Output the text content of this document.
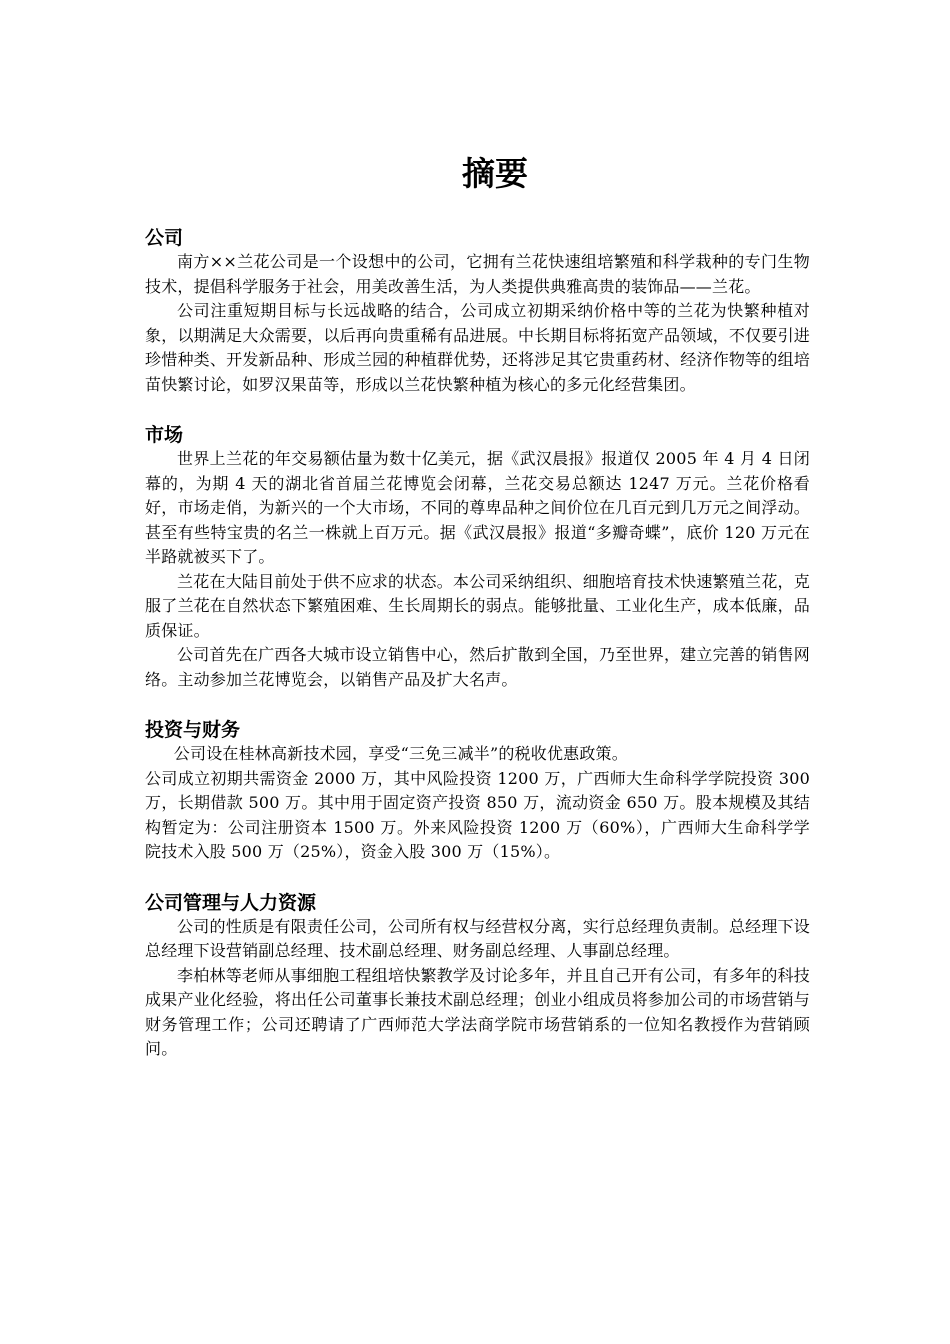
摘要
公司

南方××兰花公司是一个设想中的公司，它拥有兰花快速组培繁殖和科学栽种的专门生物技术，提倡科学服务于社会，用美改善生活，为人类提供典雅高贵的装饰品——兰花。

公司注重短期目标与长远战略的结合，公司成立初期采纳价格中等的兰花为快繁种植对象，以期满足大众需要，以后再向贵重稀有品进展。中长期目标将拓宽产品领域，不仅要引进珍惜种类、开发新品种、形成兰园的种植群优势，还将涉足其它贵重药材、经济作物等的组培苗快繁讨论，如罗汉果苗等，形成以兰花快繁种植为核心的多元化经营集团。

市场

世界上兰花的年交易额估量为数十亿美元，据《武汉晨报》报道仅 2005 年 4 月 4 日闭幕的，为期 4 天的湖北省首届兰花博览会闭幕，兰花交易总额达 1247 万元。兰花价格看好，市场走俏，为新兴的一个大市场，不同的尊卑品种之间价位在几百元到几万元之间浮动。甚至有些特宝贵的名兰一株就上百万元。据《武汉晨报》报道“多瓣奇蝶”，底价 120 万元在半路就被买下了。

兰花在大陆目前处于供不应求的状态。本公司采纳组织、细胞培育技术快速繁殖兰花，克服了兰花在自然状态下繁殖困难、生长周期长的弱点。能够批量、工业化生产，成本低廉，品质保证。

公司首先在广西各大城市设立销售中心，然后扩散到全国，乃至世界，建立完善的销售网络。主动参加兰花博览会，以销售产品及扩大名声。

投资与财务

公司设在桂林高新技术园，享受“三免三减半”的税收优惠政策。

公司成立初期共需资金 2000 万，其中风险投资 1200 万，广西师大生命科学学院投资 300 万，长期借款 500 万。其中用于固定资产投资 850 万，流动资金 650 万。股本规模及其结构暂定为：公司注册资本 1500 万。外来风险投资 1200 万（60%），广西师大生命科学学院技术入股 500 万（25%），资金入股 300 万（15%）。

公司管理与人力资源

公司的性质是有限责任公司，公司所有权与经营权分离，实行总经理负责制。总经理下设总经理下设营销副总经理、技术副总经理、财务副总经理、人事副总经理。

李柏林等老师从事细胞工程组培快繁教学及讨论多年，并且自己开有公司，有多年的科技成果产业化经验，将出任公司董事长兼技术副总经理；创业小组成员将参加公司的市场营销与财务管理工作；公司还聘请了广西师范大学法商学院市场营销系的一位知名教授作为营销顾问。
